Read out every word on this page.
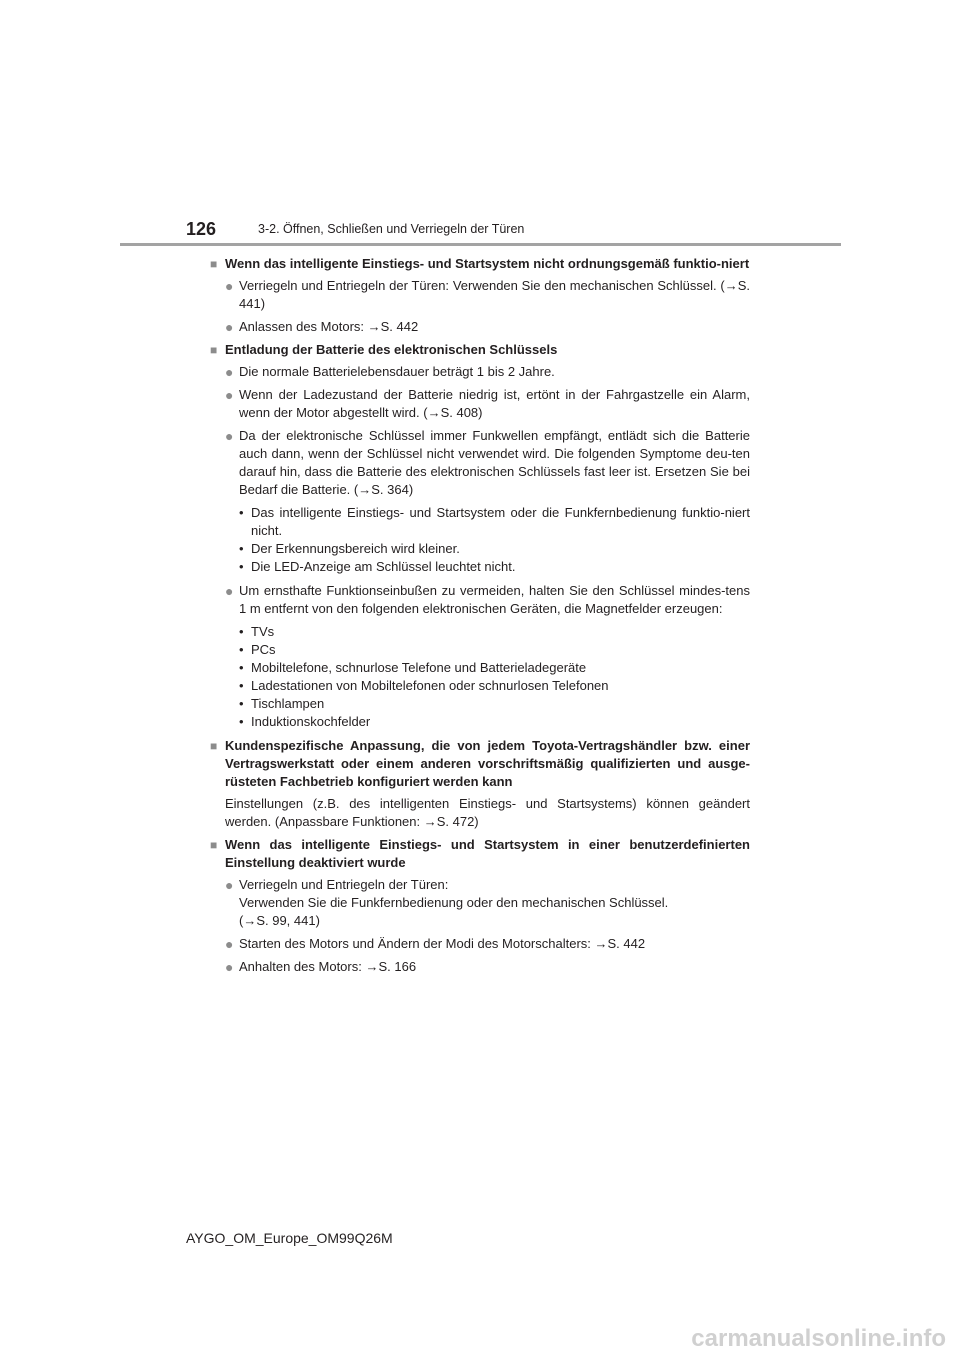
126	3-2. Öffnen, Schließen und Verriegeln der Türen
■ Wenn das intelligente Einstiegs- und Startsystem nicht ordnungsgemäß funktio-niert
● Verriegeln und Entriegeln der Türen: Verwenden Sie den mechanischen Schlüssel. (→S. 441)
● Anlassen des Motors: →S. 442
■ Entladung der Batterie des elektronischen Schlüssels
● Die normale Batterielebensdauer beträgt 1 bis 2 Jahre.
● Wenn der Ladezustand der Batterie niedrig ist, ertönt in der Fahrgastzelle ein Alarm, wenn der Motor abgestellt wird. (→S. 408)
● Da der elektronische Schlüssel immer Funkwellen empfängt, entlädt sich die Batterie auch dann, wenn der Schlüssel nicht verwendet wird. Die folgenden Symptome deu-ten darauf hin, dass die Batterie des elektronischen Schlüssels fast leer ist. Ersetzen Sie bei Bedarf die Batterie. (→S. 364)
• Das intelligente Einstiegs- und Startsystem oder die Funkfernbedienung funktio-niert nicht.
• Der Erkennungsbereich wird kleiner.
• Die LED-Anzeige am Schlüssel leuchtet nicht.
● Um ernsthafte Funktionseinbußen zu vermeiden, halten Sie den Schlüssel mindes-tens 1 m entfernt von den folgenden elektronischen Geräten, die Magnetfelder erzeugen:
• TVs
• PCs
• Mobiltelefone, schnurlose Telefone und Batterieladegeräte
• Ladestationen von Mobiltelefonen oder schnurlosen Telefonen
• Tischlampen
• Induktionskochfelder
■ Kundenspezifische Anpassung, die von jedem Toyota-Vertragshändler bzw. einer Vertragswerkstatt oder einem anderen vorschriftsmäßig qualifizierten und ausge-rüsteten Fachbetrieb konfiguriert werden kann
Einstellungen (z.B. des intelligenten Einstiegs- und Startsystems) können geändert werden. (Anpassbare Funktionen: →S. 472)
■ Wenn das intelligente Einstiegs- und Startsystem in einer benutzerdefinierten Einstellung deaktiviert wurde
● Verriegeln und Entriegeln der Türen:
Verwenden Sie die Funkfernbedienung oder den mechanischen Schlüssel.
(→S. 99, 441)
● Starten des Motors und Ändern der Modi des Motorschalters: →S. 442
● Anhalten des Motors: →S. 166
AYGO_OM_Europe_OM99Q26M
carmanualsonline.info
